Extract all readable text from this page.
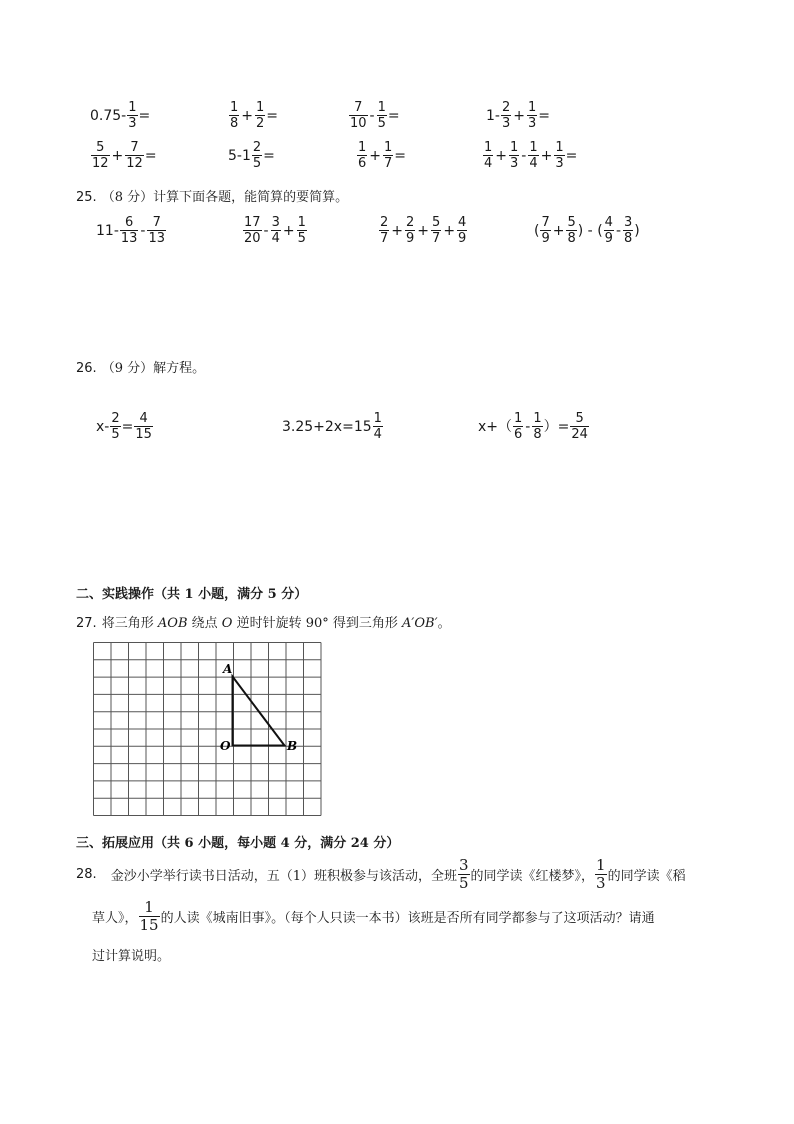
$0.75- \frac{1}{3}$ =	$\frac{1}{8} + \frac{1}{2}$ =	$\frac{7}{10} - \frac{1}{5}$ =	$1- \frac{2}{3} + \frac{1}{3}$ =
$\frac{5}{12} + \frac{7}{12}$ =	$5-1 \frac{2}{5}$ =	$\frac{1}{6} + \frac{1}{7}$ =	$\frac{1}{4} + \frac{1}{3} - \frac{1}{4} + \frac{1}{3}$ =
25. （8 分）计算下面各题，能简算的要简算。
$11- \frac{6}{13} - \frac{7}{13}$	$\frac{17}{20} - \frac{3}{4} + \frac{1}{5}$	$\frac{2}{7} + \frac{2}{9} + \frac{5}{7} + \frac{4}{9}$	( $\frac{7}{9} + \frac{5}{8}$ ) - ( $\frac{4}{9} - \frac{3}{8}$ )
26. （9 分）解方程。
$x- \frac{2}{5} = \frac{4}{15}$	$3.25+2x=15 \frac{1}{4}$	$x+( \frac{1}{6} - \frac{1}{8}$ ）= $\frac{5}{24}$
二、实践操作（共 1 小题，满分 5 分）
27. 将三角形 AOB 绕点 O 逆时针旋转 90° 得到三角形 A′OB′。
A
O	B
三、拓展应用（共 6 小题，每小题 4 分，满分 24 分）
28. 金沙小学举行读书日活动，五（1）班积极参与该活动，全班 $\frac{3}{5}$ 的同学读《红楼梦》， $\frac{1}{3}$ 的同学读《稻
草人》， $\frac{1}{15}$ 的人读《城南旧事》。（每个人只读一本书）该班是否所有同学都参与了这项活动？请通
过计算说明。
